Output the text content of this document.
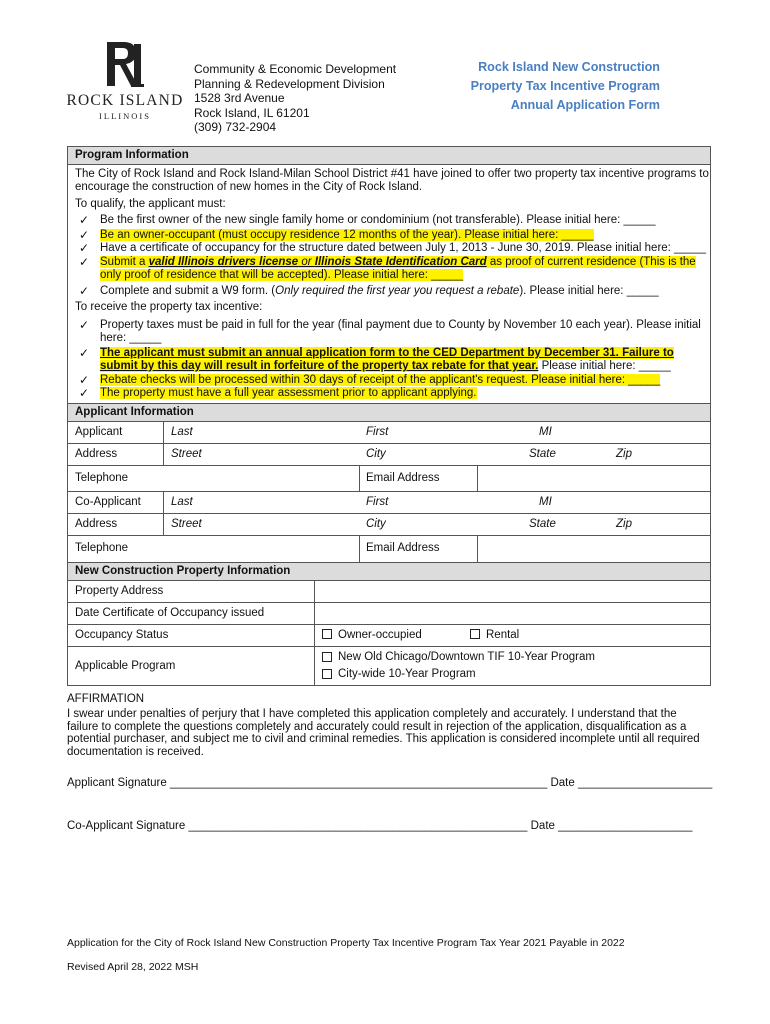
ROCK ISLAND
ILLINOIS
Community & Economic Development
Planning & Redevelopment Division
1528 3rd Avenue
Rock Island, IL 61201
(309) 732-2904
Rock Island New Construction
Property Tax Incentive Program
Annual Application Form
Program Information
The City of Rock Island and Rock Island-Milan School District #41 have joined to offer two property tax incentive programs to
encourage the construction of new homes in the City of Rock Island.
To qualify, the applicant must:
✓ Be the first owner of the new single family home or condominium (not transferable). Please initial here: _____
✓ Be an owner-occupant (must occupy residence 12 months of the year). Please initial here: _____
✓ Have a certificate of occupancy for the structure dated between July 1, 2013 - June 30, 2019. Please initial here: _____
✓ Submit a valid Illinois drivers license or Illinois State Identification Card as proof of current residence (This is the
only proof of residence that will be accepted). Please initial here: _____
✓ Complete and submit a W9 form. (Only required the first year you request a rebate). Please initial here: _____
To receive the property tax incentive:
✓ Property taxes must be paid in full for the year (final payment due to County by November 10 each year). Please initial
here: _____
✓ The applicant must submit an annual application form to the CED Department by December 31. Failure to
submit by this day will result in forfeiture of the property tax rebate for that year. Please initial here: _____
✓ Rebate checks will be processed within 30 days of receipt of the applicant's request. Please initial here: _____
✓ The property must have a full year assessment prior to applicant applying.
Applicant Information
Applicant	Last	First	MI
Address	Street	City	State	Zip
Telephone	Email Address
Co-Applicant	Last	First	MI
Address	Street	City	State	Zip
Telephone	Email Address
New Construction Property Information
Property Address
Date Certificate of Occupancy issued
Occupancy Status	Owner-occupied	Rental
Applicable Program
New Old Chicago/Downtown TIF 10-Year Program
City-wide 10-Year Program
AFFIRMATION
I swear under penalties of perjury that I have completed this application completely and accurately. I understand that the
failure to complete the questions completely and accurately could result in rejection of the application, disqualification as a
potential purchaser, and subject me to civil and criminal remedies. This application is considered incomplete until all required
documentation is received.
Applicant Signature ___________________________________________________________ Date _____________________
Co-Applicant Signature _____________________________________________________ Date _____________________
Application for the City of Rock Island New Construction Property Tax Incentive Program Tax Year 2021 Payable in 2022
Revised April 28, 2022 MSH
